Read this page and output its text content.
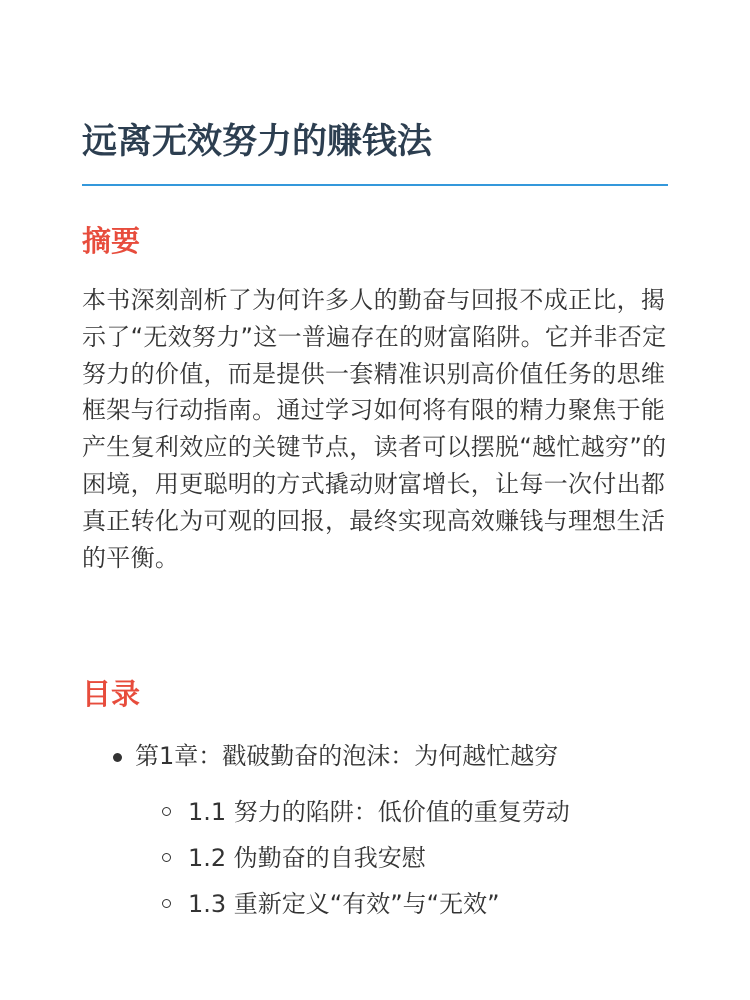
远离无效努力的赚钱法
摘要

本书深刻剖析了为何许多人的勤奋与回报不成正比，揭示了“无效努力”这一普遍存在的财富陷阱。它并非否定努力的价值，而是提供一套精准识别高价值任务的思维框架与行动指南。通过学习如何将有限的精力聚焦于能产生复利效应的关键节点，读者可以摆脱“越忙越穷”的困境，用更聪明的方式撬动财富增长，让每一次付出都真正转化为可观的回报，最终实现高效赚钱与理想生活的平衡。

目录
第1章：戳破勤奋的泡沫：为何越忙越穷
1.1 努力的陷阱：低价值的重复劳动
1.2 伪勤奋的自我安慰
1.3 重新定义“有效”与“无效”
